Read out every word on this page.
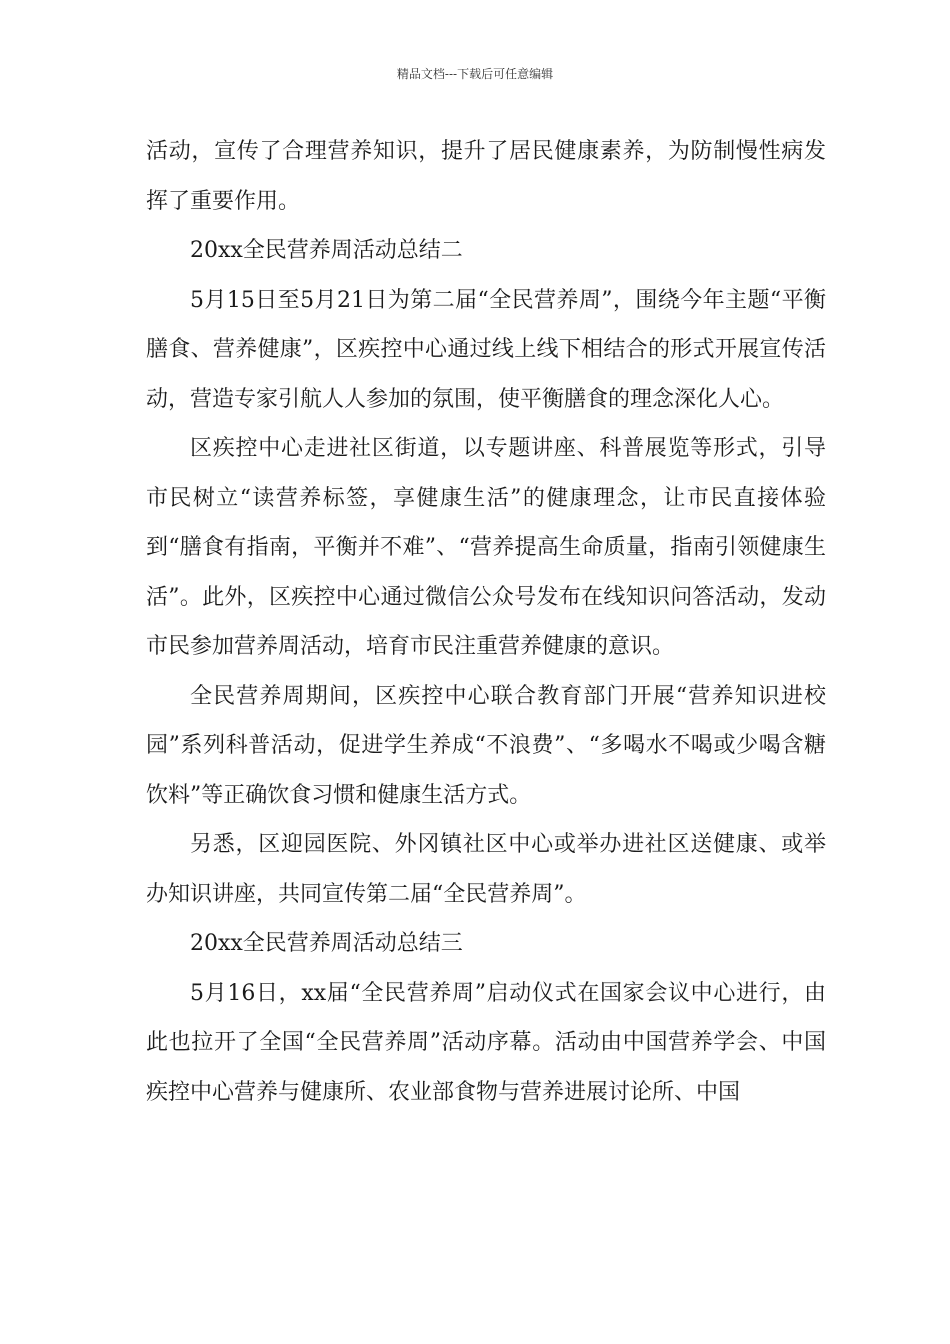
精品文档---下载后可任意编辑

活动，宣传了合理营养知识，提升了居民健康素养，为防制慢性病发挥了重要作用。

20xx全民营养周活动总结二

5月15日至5月21日为第二届“全民营养周”，围绕今年主题“平衡膳食、营养健康”，区疾控中心通过线上线下相结合的形式开展宣传活动，营造专家引航人人参加的氛围，使平衡膳食的理念深化人心。

区疾控中心走进社区街道，以专题讲座、科普展览等形式，引导市民树立“读营养标签，享健康生活”的健康理念，让市民直接体验到“膳食有指南，平衡并不难”、“营养提高生命质量，指南引领健康生活”。此外，区疾控中心通过微信公众号发布在线知识问答活动，发动市民参加营养周活动，培育市民注重营养健康的意识。

全民营养周期间，区疾控中心联合教育部门开展“营养知识进校园”系列科普活动，促进学生养成“不浪费”、“多喝水不喝或少喝含糖饮料”等正确饮食习惯和健康生活方式。

另悉，区迎园医院、外冈镇社区中心或举办进社区送健康、或举办知识讲座，共同宣传第二届“全民营养周”。

20xx全民营养周活动总结三

5月16日，xx届“全民营养周”启动仪式在国家会议中心进行，由此也拉开了全国“全民营养周”活动序幕。活动由中国营养学会、中国疾控中心营养与健康所、农业部食物与营养进展讨论所、中国
